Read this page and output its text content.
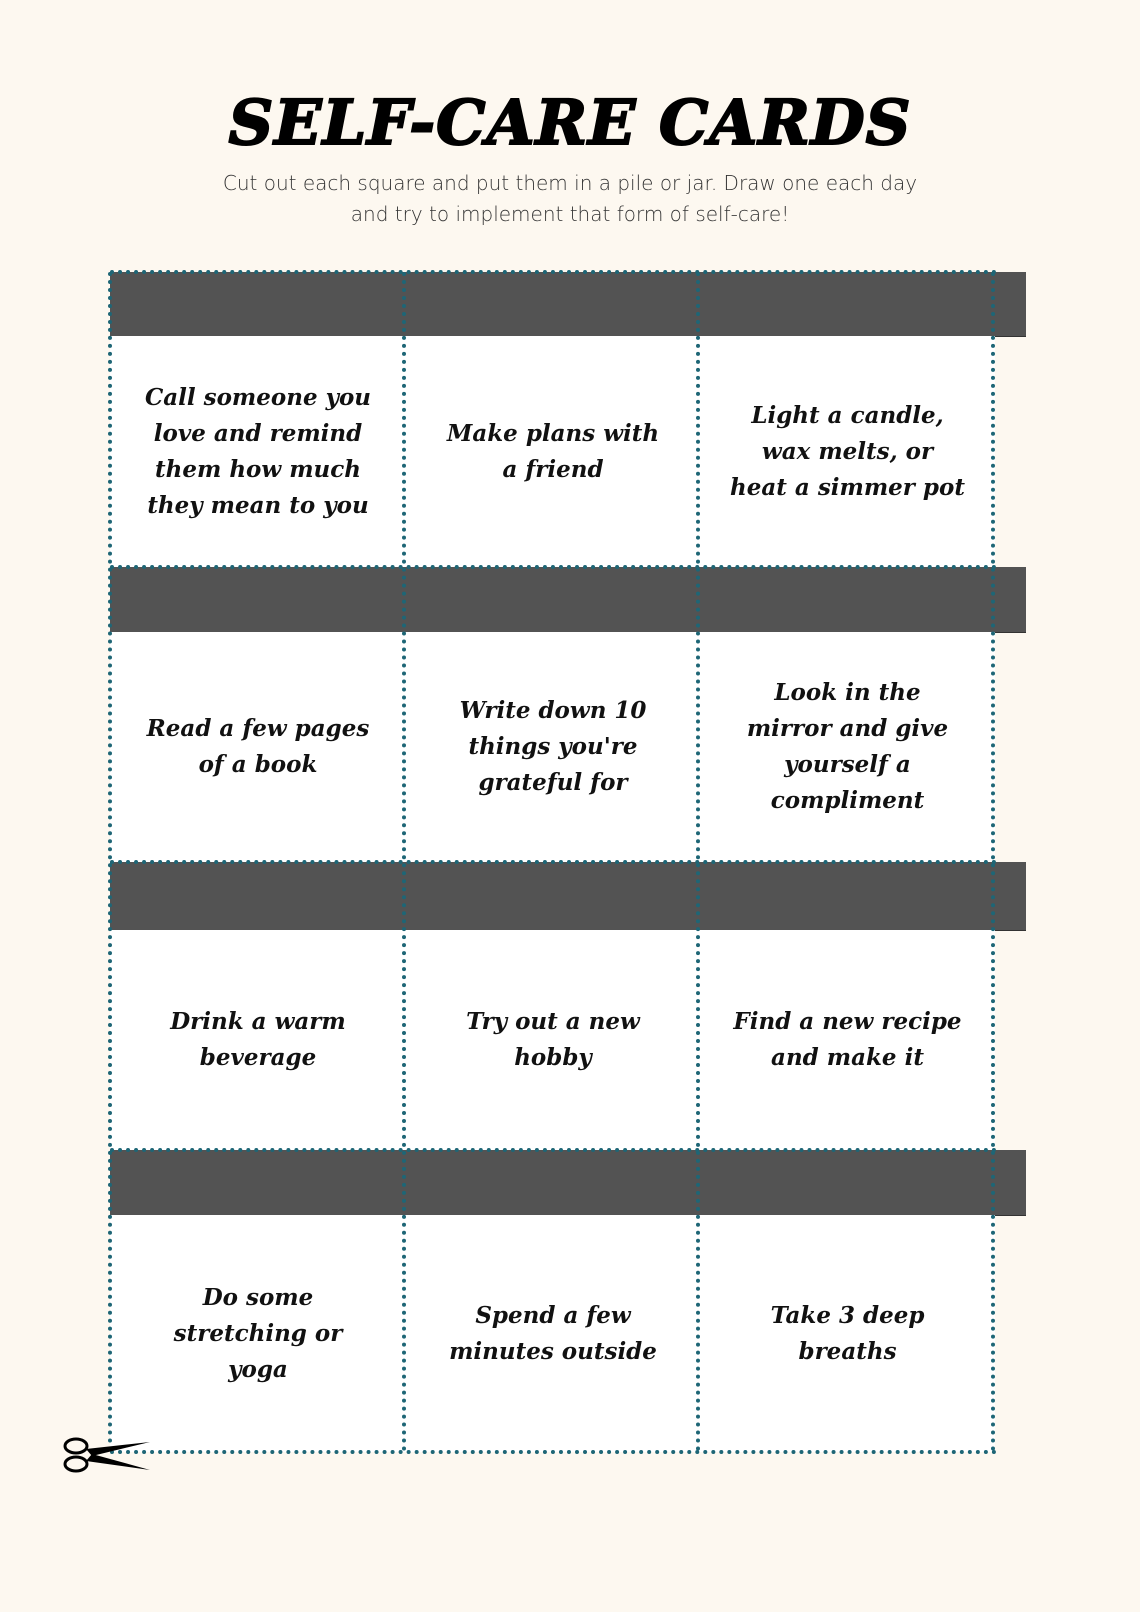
SELF-CARE CARDS
Cut out each square and put them in a pile or jar. Draw one each day
and try to implement that form of self-care!
Call someone you love and remind them how much they mean to you
Make plans with a friend
Light a candle, wax melts, or heat a simmer pot
Read a few pages of a book
Write down 10 things you're grateful for
Look in the mirror and give yourself a compliment
Drink a warm beverage
Try out a new hobby
Find a new recipe and make it
Do some stretching or yoga
Spend a few minutes outside
Take 3 deep breaths
